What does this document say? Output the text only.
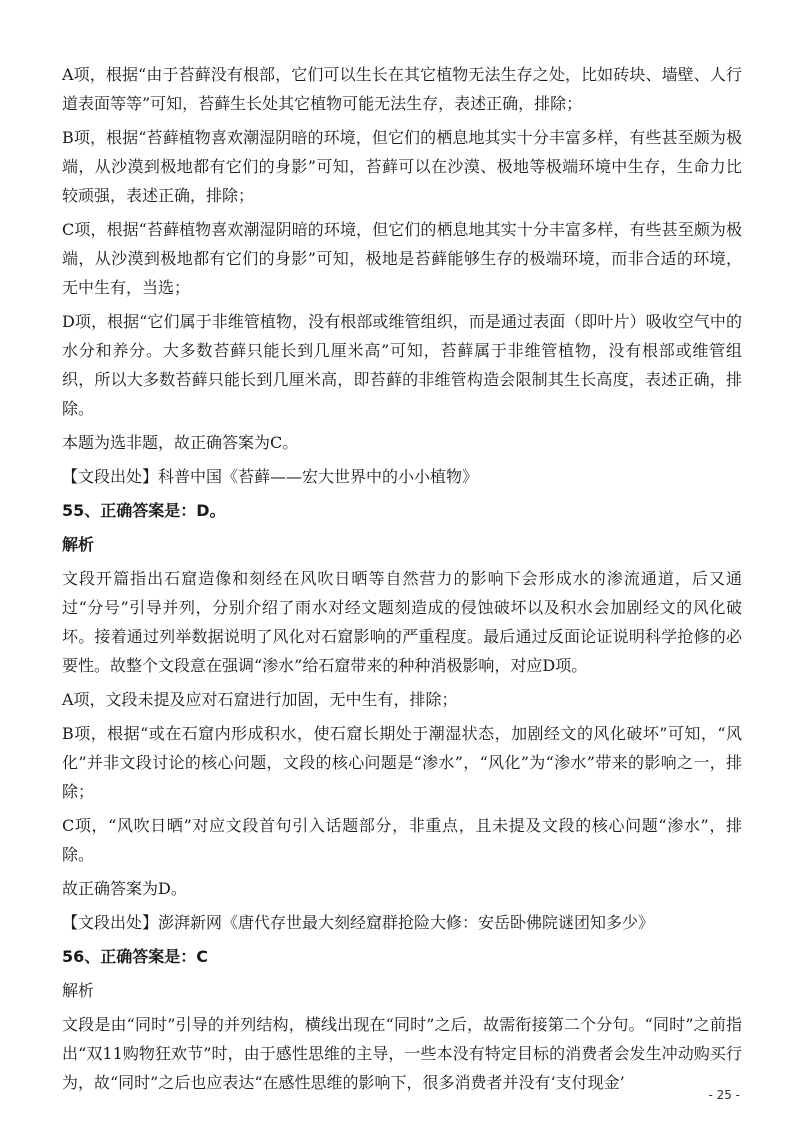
A项，根据“由于苔藓没有根部，它们可以生长在其它植物无法生存之处，比如砖块、墙壁、人行道表面等等”可知，苔藓生长处其它植物可能无法生存，表述正确，排除；

B项，根据“苔藓植物喜欢潮湿阴暗的环境，但它们的栖息地其实十分丰富多样，有些甚至颇为极端，从沙漠到极地都有它们的身影”可知，苔藓可以在沙漠、极地等极端环境中生存，生命力比较顽强，表述正确，排除；

C项，根据“苔藓植物喜欢潮湿阴暗的环境，但它们的栖息地其实十分丰富多样，有些甚至颇为极端，从沙漠到极地都有它们的身影”可知，极地是苔藓能够生存的极端环境，而非合适的环境，无中生有，当选；

D项，根据“它们属于非维管植物，没有根部或维管组织，而是通过表面（即叶片）吸收空气中的水分和养分。大多数苔藓只能长到几厘米高”可知，苔藓属于非维管植物，没有根部或维管组织，所以大多数苔藓只能长到几厘米高，即苔藓的非维管构造会限制其生长高度，表述正确，排除。

本题为选非题，故正确答案为C。

【文段出处】科普中国《苔藓——宏大世界中的小小植物》

55、正确答案是：D。

解析

文段开篇指出石窟造像和刻经在风吹日晒等自然营力的影响下会形成水的渗流通道，后又通过“分号”引导并列，分别介绍了雨水对经文题刻造成的侵蚀破坏以及积水会加剧经文的风化破坏。接着通过列举数据说明了风化对石窟影响的严重程度。最后通过反面论证说明科学抢修的必要性。故整个文段意在强调“渗水”给石窟带来的种种消极影响，对应D项。

A项，文段未提及应对石窟进行加固，无中生有，排除；

B项，根据“或在石窟内形成积水，使石窟长期处于潮湿状态，加剧经文的风化破坏”可知，“风化”并非文段讨论的核心问题，文段的核心问题是“渗水”，“风化”为“渗水”带来的影响之一，排除；

C项，“风吹日晒”对应文段首句引入话题部分，非重点，且未提及文段的核心问题“渗水”，排除。

故正确答案为D。

【文段出处】澎湃新网《唐代存世最大刻经窟群抢险大修：安岳卧佛院谜团知多少》

56、正确答案是：C

解析

文段是由“同时”引导的并列结构，横线出现在“同时”之后，故需衔接第二个分句。“同时”之前指出“双11购物狂欢节”时，由于感性思维的主导，一些本没有特定目标的消费者会发生冲动购买行为，故“同时”之后也应表达“在感性思维的影响下，很多消费者并没有‘支付现金’

- 25 -
